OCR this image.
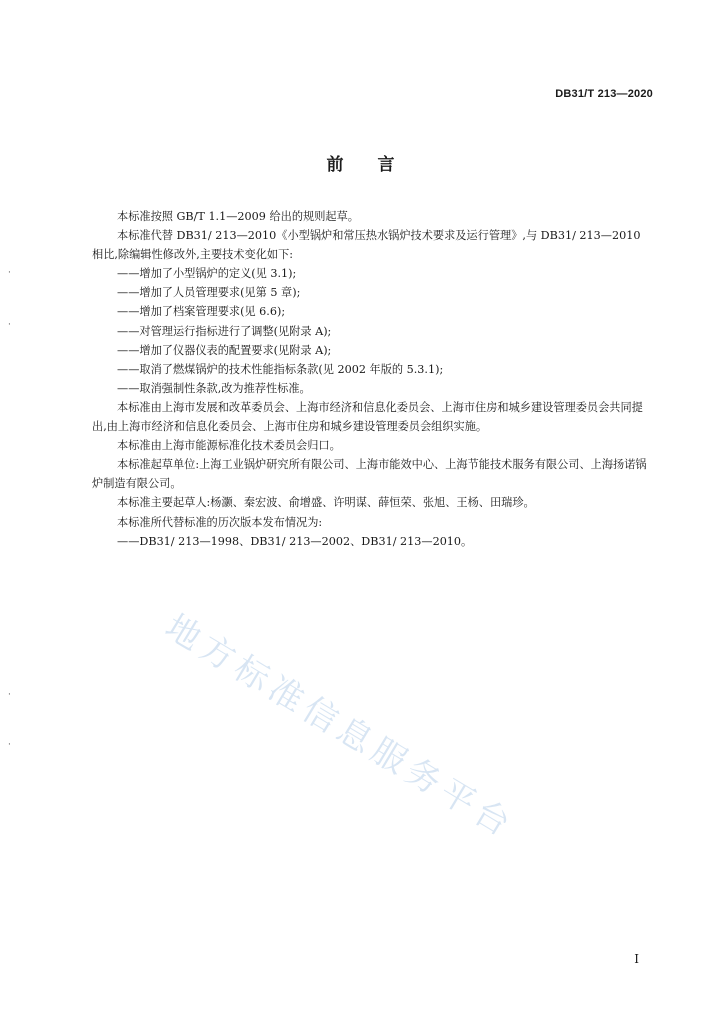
DB31/T 213—2020
前言

本标准按照 GB/T 1.1—2009 给出的规则起草。

本标准代替 DB31/ 213—2010《小型锅炉和常压热水锅炉技术要求及运行管理》,与 DB31/ 213—2010 相比,除编辑性修改外,主要技术变化如下:

——增加了小型锅炉的定义(见 3.1);

——增加了人员管理要求(见第 5 章);

——增加了档案管理要求(见 6.6);

——对管理运行指标进行了调整(见附录 A);

——增加了仪器仪表的配置要求(见附录 A);

——取消了燃煤锅炉的技术性能指标条款(见 2002 年版的 5.3.1);

——取消强制性条款,改为推荐性标准。

本标准由上海市发展和改革委员会、上海市经济和信息化委员会、上海市住房和城乡建设管理委员会共同提出,由上海市经济和信息化委员会、上海市住房和城乡建设管理委员会组织实施。

本标准由上海市能源标准化技术委员会归口。

本标准起草单位:上海工业锅炉研究所有限公司、上海市能效中心、上海节能技术服务有限公司、上海扬诺锅炉制造有限公司。

本标准主要起草人:杨灏、秦宏波、俞增盛、许明谋、薛恒荣、张旭、王杨、田瑞珍。

本标准所代替标准的历次版本发布情况为:

——DB31/ 213—1998、DB31/ 213—2002、DB31/ 213—2010。

地方标准信息服务平台
·
·
·
·
I
